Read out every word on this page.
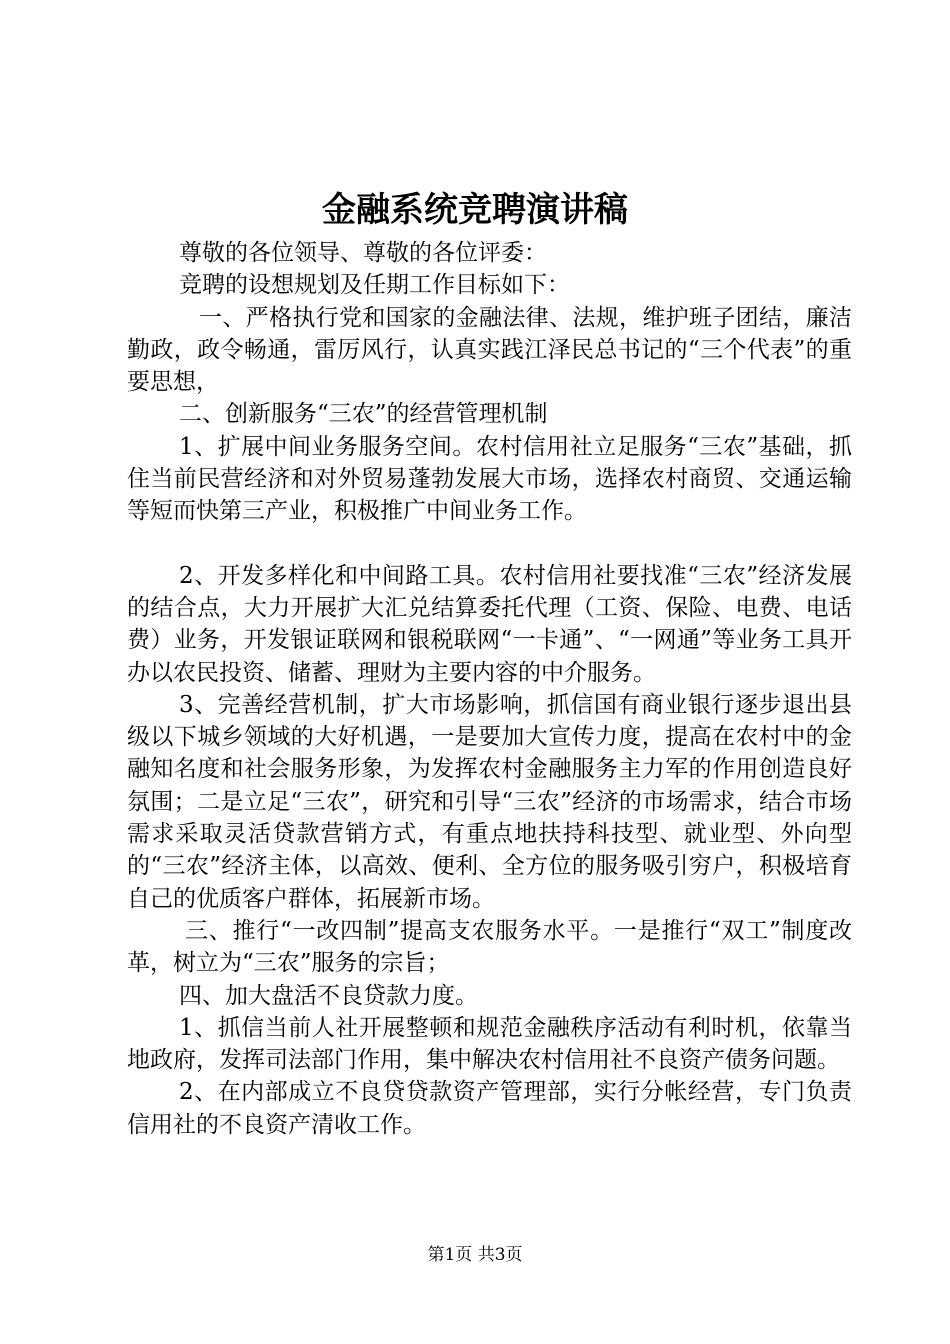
金融系统竞聘演讲稿

尊敬的各位领导、尊敬的各位评委：

竞聘的设想规划及任期工作目标如下：

一、严格执行党和国家的金融法律、法规，维护班子团结，廉洁勤政，政令畅通，雷厉风行，认真实践江泽民总书记的“三个代表”的重要思想，

二、创新服务“三农”的经营管理机制

1、扩展中间业务服务空间。农村信用社立足服务“三农”基础，抓住当前民营经济和对外贸易蓬勃发展大市场，选择农村商贸、交通运输等短而快第三产业，积极推广中间业务工作。

2、开发多样化和中间路工具。农村信用社要找准“三农”经济发展的结合点，大力开展扩大汇兑结算委托代理（工资、保险、电费、电话费）业务，开发银证联网和银税联网“一卡通”、“一网通”等业务工具开办以农民投资、储蓄、理财为主要内容的中介服务。

3、完善经营机制，扩大市场影响，抓信国有商业银行逐步退出县级以下城乡领域的大好机遇，一是要加大宣传力度，提高在农村中的金融知名度和社会服务形象，为发挥农村金融服务主力军的作用创造良好氛围；二是立足“三农”，研究和引导“三农”经济的市场需求，结合市场需求采取灵活贷款营销方式，有重点地扶持科技型、就业型、外向型的“三农”经济主体，以高效、便利、全方位的服务吸引穷户，积极培育自己的优质客户群体，拓展新市场。

三、推行“一改四制”提高支农服务水平。一是推行“双工”制度改革，树立为“三农”服务的宗旨；

四、加大盘活不良贷款力度。

1、抓信当前人社开展整顿和规范金融秩序活动有利时机，依靠当地政府，发挥司法部门作用，集中解决农村信用社不良资产债务问题。

2、在内部成立不良贷贷款资产管理部，实行分帐经营，专门负责信用社的不良资产清收工作。

第1页 共3页
